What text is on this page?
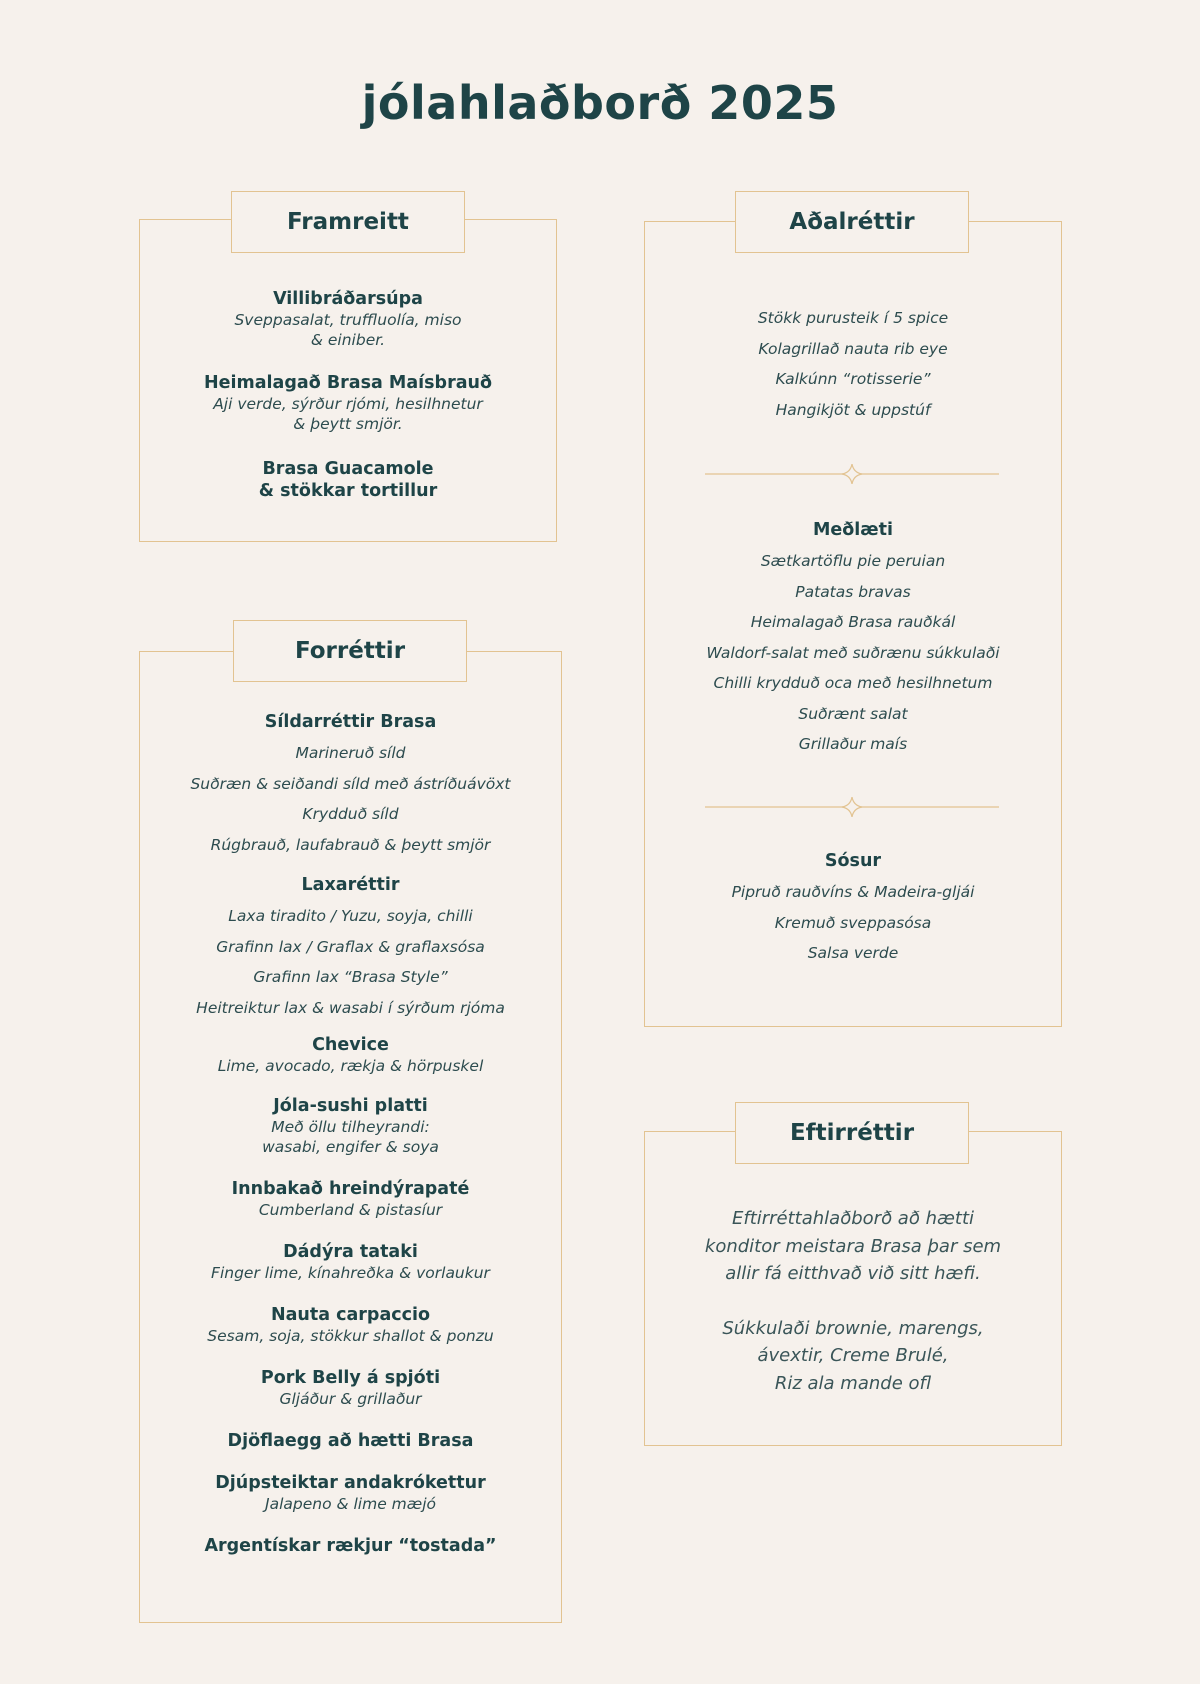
jólahlaðborð 2025
Villibráðarsúpa
Sveppasalat, truffluolía, miso
& einiber.
Heimalagað Brasa Maísbrauð
Aji verde, sýrður rjómi, hesilhnetur
& þeytt smjör.
Brasa Guacamole
& stökkar tortillur
Framreitt
Síldarréttir Brasa
Marineruð síld
Suðræn & seiðandi síld með ástríðuávöxt
Krydduð síld
Rúgbrauð, laufabrauð & þeytt smjör
Laxaréttir
Laxa tiradito / Yuzu, soyja, chilli
Grafinn lax / Graflax & graflaxsósa
Grafinn lax “Brasa Style”
Heitreiktur lax & wasabi í sýrðum rjóma
Chevice
Lime, avocado, rækja & hörpuskel
Jóla-sushi platti
Með öllu tilheyrandi:
wasabi, engifer & soya
Innbakað hreindýrapaté
Cumberland & pistasíur
Dádýra tataki
Finger lime, kínahreðka & vorlaukur
Nauta carpaccio
Sesam, soja, stökkur shallot & ponzu
Pork Belly á spjóti
Gljáður & grillaður
Djöflaegg að hætti Brasa
Djúpsteiktar andakrókettur
Jalapeno & lime mæjó
Argentískar rækjur “tostada”
Forréttir
Stökk purusteik í 5 spice
Kolagrillað nauta rib eye
Kalkúnn “rotisserie”
Hangikjöt & uppstúf
Meðlæti
Sætkartöflu pie peruian
Patatas bravas
Heimalagað Brasa rauðkál
Waldorf-salat með suðrænu súkkulaði
Chilli krydduð oca með hesilhnetum
Suðrænt salat
Grillaður maís
Sósur
Pipruð rauðvíns & Madeira-gljái
Kremuð sveppasósa
Salsa verde
Aðalréttir
Eftirréttahlaðborð að hætti
konditor meistara Brasa þar sem
allir fá eitthvað við sitt hæfi.
Súkkulaði brownie, marengs,
ávextir, Creme Brulé,
Riz ala mande ofl
Eftirréttir
